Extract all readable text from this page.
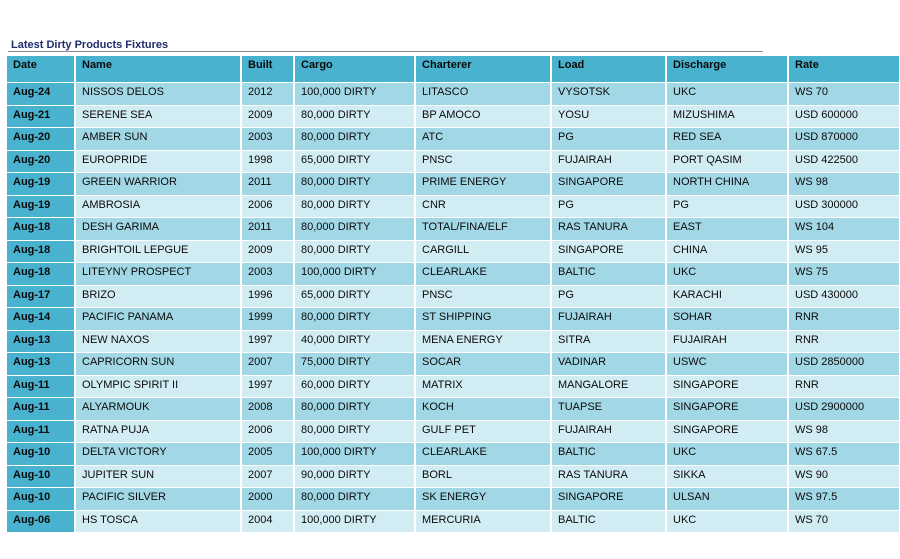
Latest Dirty Products Fixtures
Date	Name	Built	Cargo	Charterer	Load	Discharge	Rate
Aug-24	NISSOS DELOS	2012	100,000 DIRTY	LITASCO	VYSOTSK	UKC	WS 70
Aug-21	SERENE SEA	2009	80,000 DIRTY	BP AMOCO	YOSU	MIZUSHIMA	USD 600000
Aug-20	AMBER SUN	2003	80,000 DIRTY	ATC	PG	RED SEA	USD 870000
Aug-20	EUROPRIDE	1998	65,000 DIRTY	PNSC	FUJAIRAH	PORT QASIM	USD 422500
Aug-19	GREEN WARRIOR	2011	80,000 DIRTY	PRIME ENERGY	SINGAPORE	NORTH CHINA	WS 98
Aug-19	AMBROSIA	2006	80,000 DIRTY	CNR	PG	PG	USD 300000
Aug-18	DESH GARIMA	2011	80,000 DIRTY	TOTAL/FINA/ELF	RAS TANURA	EAST	WS 104
Aug-18	BRIGHTOIL LEPGUE	2009	80,000 DIRTY	CARGILL	SINGAPORE	CHINA	WS 95
Aug-18	LITEYNY PROSPECT	2003	100,000 DIRTY	CLEARLAKE	BALTIC	UKC	WS 75
Aug-17	BRIZO	1996	65,000 DIRTY	PNSC	PG	KARACHI	USD 430000
Aug-14	PACIFIC PANAMA	1999	80,000 DIRTY	ST SHIPPING	FUJAIRAH	SOHAR	RNR
Aug-13	NEW NAXOS	1997	40,000 DIRTY	MENA ENERGY	SITRA	FUJAIRAH	RNR
Aug-13	CAPRICORN SUN	2007	75,000 DIRTY	SOCAR	VADINAR	USWC	USD 2850000
Aug-11	OLYMPIC SPIRIT II	1997	60,000 DIRTY	MATRIX	MANGALORE	SINGAPORE	RNR
Aug-11	ALYARMOUK	2008	80,000 DIRTY	KOCH	TUAPSE	SINGAPORE	USD 2900000
Aug-11	RATNA PUJA	2006	80,000 DIRTY	GULF PET	FUJAIRAH	SINGAPORE	WS 98
Aug-10	DELTA VICTORY	2005	100,000 DIRTY	CLEARLAKE	BALTIC	UKC	WS 67.5
Aug-10	JUPITER SUN	2007	90,000 DIRTY	BORL	RAS TANURA	SIKKA	WS 90
Aug-10	PACIFIC SILVER	2000	80,000 DIRTY	SK ENERGY	SINGAPORE	ULSAN	WS 97.5
Aug-06	HS TOSCA	2004	100,000 DIRTY	MERCURIA	BALTIC	UKC	WS 70
